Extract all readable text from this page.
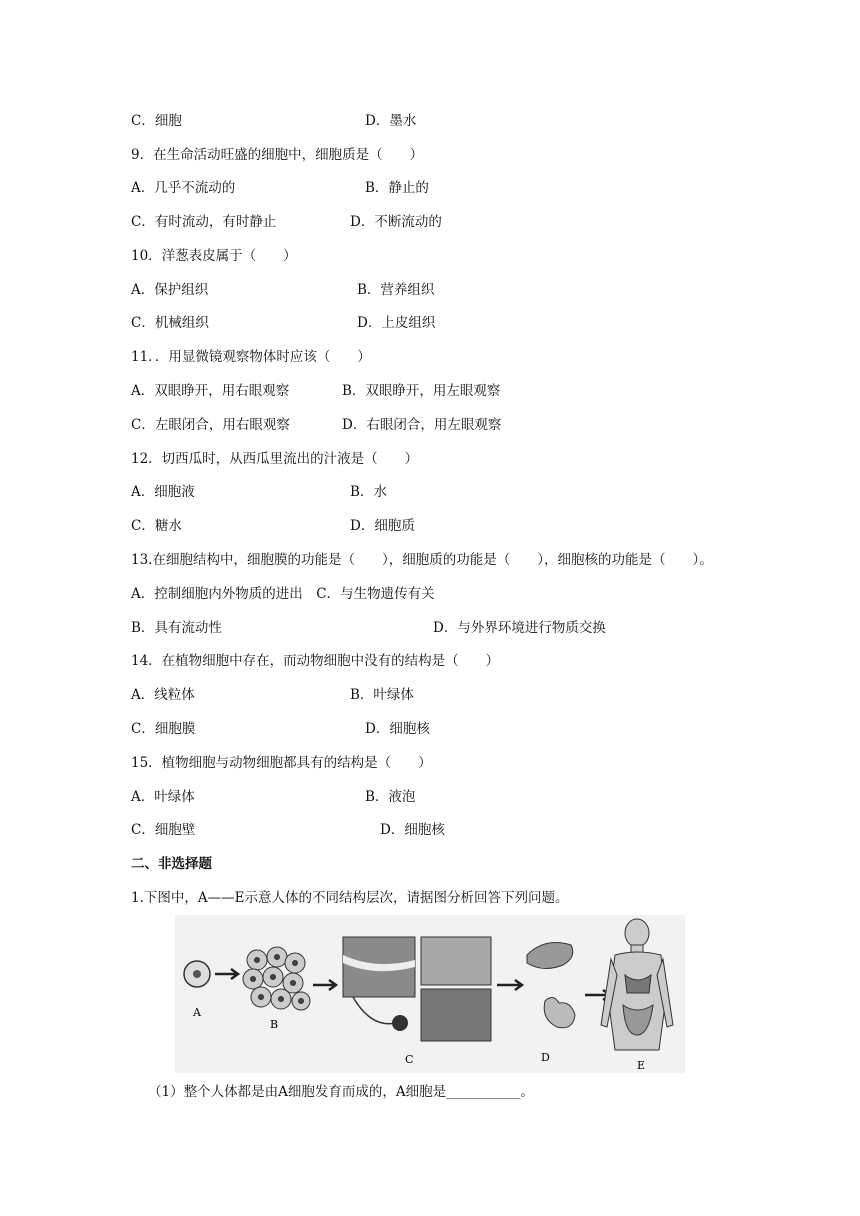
C．细胞	D．墨水
9．在生命活动旺盛的细胞中，细胞质是（　　）
A．几乎不流动的	B．静止的
C．有时流动，有时静止	D．不断流动的
10．洋葱表皮属于（　　）
A．保护组织	B．营养组织
C．机械组织	D．上皮组织
11．．用显微镜观察物体时应该（　　）
A．双眼睁开，用右眼观察	B．双眼睁开，用左眼观察
C．左眼闭合，用右眼观察	D．右眼闭合，用左眼观察
12．切西瓜时，从西瓜里流出的汁液是（　　）
A．细胞液	B．水
C．糖水	D．细胞质
13.在细胞结构中，细胞膜的功能是（　　），细胞质的功能是（　　），细胞核的功能是（　　）。
A．控制细胞内外物质的进出　C．与生物遗传有关
B．具有流动性	D．与外界环境进行物质交换
14．在植物细胞中存在，而动物细胞中没有的结构是（　　）
A．线粒体	B．叶绿体
C．细胞膜	D．细胞核
15．植物细胞与动物细胞都具有的结构是（　　）
A．叶绿体	B．液泡
C．细胞壁	D．细胞核
二、非选择题
1.下图中，A——E示意人体的不同结构层次，请据图分析回答下列问题。
A
B
C	D
E
（1）整个人体都是由A细胞发育而成的，A细胞是___________。
